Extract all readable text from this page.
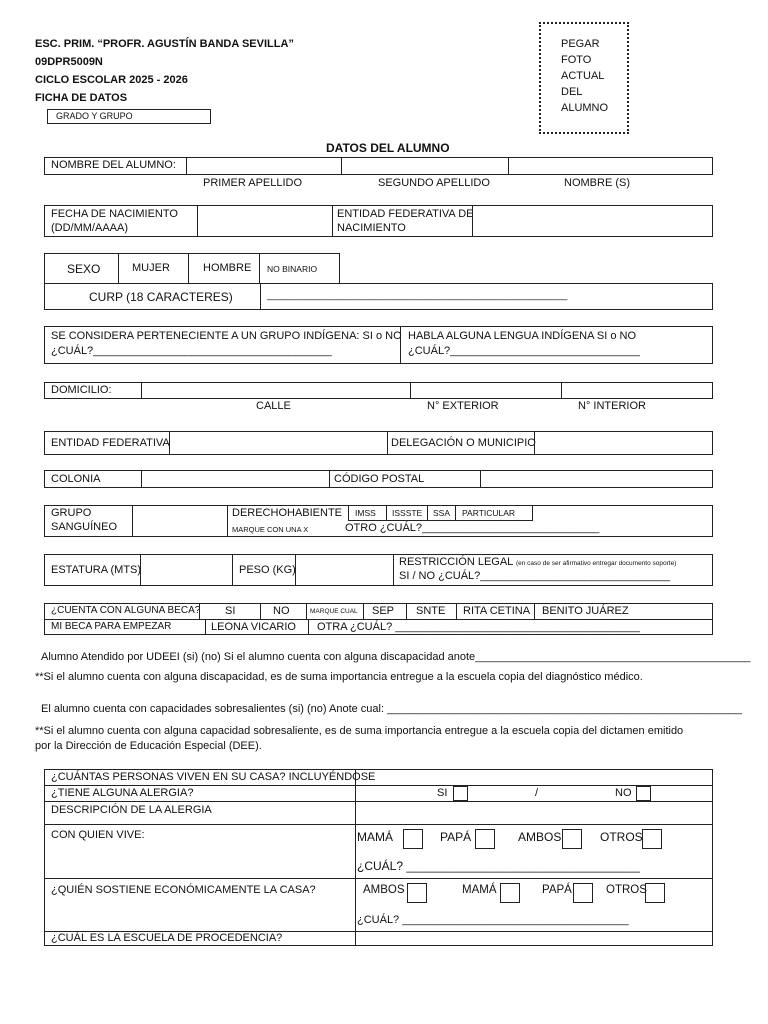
ESC. PRIM. “PROFR. AGUSTÍN BANDA SEVILLA”
09DPR5009N
CICLO ESCOLAR 2025 - 2026
FICHA DE DATOS
GRADO Y GRUPO
PEGAR
FOTO
ACTUAL
DEL
ALUMNO
DATOS DEL ALUMNO
NOMBRE DEL ALUMNO:
PRIMER APELLIDO	SEGUNDO APELLIDO	NOMBRE (S)
FECHA DE NACIMIENTO
(DD/MM/AAAA)
ENTIDAD FEDERATIVA DE
NACIMIENTO
SEXO	MUJER	HOMBRE NO BINARIO
CURP (18 CARACTERES)	______________________________________________________
SE CONSIDERA PERTENECIENTE A UN GRUPO INDÍGENA: SI o NO
¿CUÁL?_______________________________________
HABLA ALGUNA LENGUA INDÍGENA SI o NO
¿CUÁL?_______________________________
DOMICILIO:
CALLE	N° EXTERIOR	N° INTERIOR
ENTIDAD FEDERATIVA	DELEGACIÓN O MUNICIPIO
COLONIA	CÓDIGO POSTAL
GRUPO
SANGUÍNEO
DERECHOHABIENTE
MARQUE CON UNA X
IMSS ISSSTE SSA PARTICULAR
OTRO ¿CUÁL?_____________________________
ESTATURA (MTS)	PESO (KG)
RESTRICCIÓN LEGAL (en caso de ser afirmativo entregar documento soporte)
SI / NO ¿CUÁL?_______________________________
¿CUENTA CON ALGUNA BECA? SI	NO	MARQUE CUAL SEP SNTE RITA CETINA BENITO JUÁREZ
MI BECA PARA EMPEZAR	LEONA VICARIO OTRA ¿CUÁL? ________________________________________
Alumno Atendido por UDEEI (si) (no) Si el alumno cuenta con alguna discapacidad anote_____________________________________________
**Si el alumno cuenta con alguna discapacidad, es de suma importancia entregue a la escuela copia del diagnóstico médico.
El alumno cuenta con capacidades sobresalientes (si) (no) Anote cual: __________________________________________________________
**Si el alumno cuenta con alguna capacidad sobresaliente, es de suma importancia entregue a la escuela copia del dictamen emitido
por la Dirección de Educación Especial (DEE).
¿CUÁNTAS PERSONAS VIVEN EN SU CASA? INCLUYÉNDOSE
¿TIENE ALGUNA ALERGIA?	SI	/	NO
DESCRIPCIÓN DE LA ALERGIA
CON QUIEN VIVE:	MAMÁ	PAPÁ	AMBOS	OTROS
¿CUÁL? ___________________________________
¿QUIÉN SOSTIENE ECONÓMICAMENTE LA CASA?	AMBOS	MAMÁ	PAPÁ	OTROS
¿CUÁL? _____________________________________
¿CUÁL ES LA ESCUELA DE PROCEDENCIA?
